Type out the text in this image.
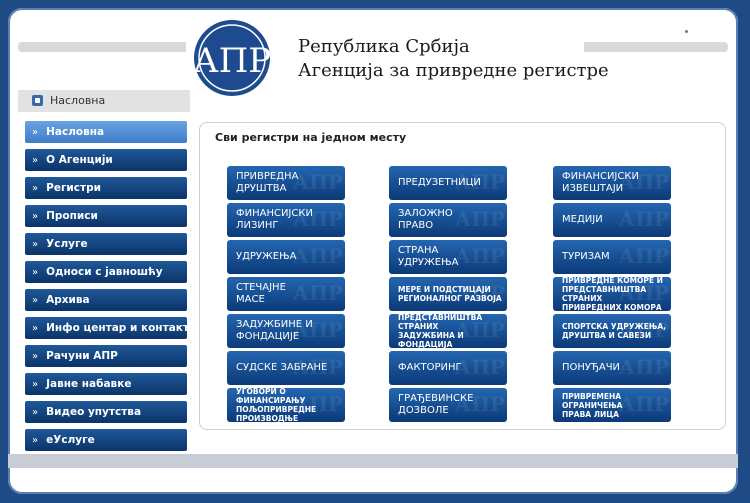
АПР Република Србија
Агенција за привредне регистре
Насловна
» Насловна
» О Агенцији
» Регистри
» Прописи
» Услуге
» Односи с јавношћу
» Архива
» Инфо центар и контакти
» Рачуни АПР
» Јавне набавке
» Видео упутства
» еУслуге
Сви регистри на једном месту
ПРИВРЕДНА
ДРУШТВА
АПР
ФИНАНСИЈСКИ
ЛИЗИНГ
АПР
УДРУЖЕЊА
АПР
СТЕЧАЈНЕ
МАСЕ
АПР
ЗАДУЖБИНЕ И
ФОНДАЦИЈЕ
АПР
СУДСКЕ ЗАБРАНЕ
АПР
УГОВОРИ О ФИНАНСИРАЊУ
ПОЉОПРИВРЕДНЕ
ПРОИЗВОДЊЕ
АПР
ПРЕДУЗЕТНИЦИ
АПР
ЗАЛОЖНО
ПРАВО
АПР
СТРАНА
УДРУЖЕЊА
АПР
МЕРЕ И ПОДСТИЦАЈИ
РЕГИОНАЛНОГ РАЗВОЈА
АПР
ПРЕДСТАВНИШТВА СТРАНИХ
ЗАДУЖБИНА И ФОНДАЦИЈА
АПР
ФАКТОРИНГ
АПР
ГРАЂЕВИНСКЕ
ДОЗВОЛЕ
АПР
ФИНАНСИЈСКИ
ИЗВЕШТАЈИ
АПР
МЕДИЈИ
АПР
ТУРИЗАМ
АПР
ПРИВРЕДНЕ КОМОРЕ И
ПРЕДСТАВНИШТВА СТРАНИХ
ПРИВРЕДНИХ КОМОРА
АПР
СПОРТСКА УДРУЖЕЊА,
ДРУШТВА И САВЕЗИ
АПР
ПОНУЂАЧИ
АПР
ПРИВРЕМЕНА
ОГРАНИЧЕЊА
ПРАВА ЛИЦА
АПР
